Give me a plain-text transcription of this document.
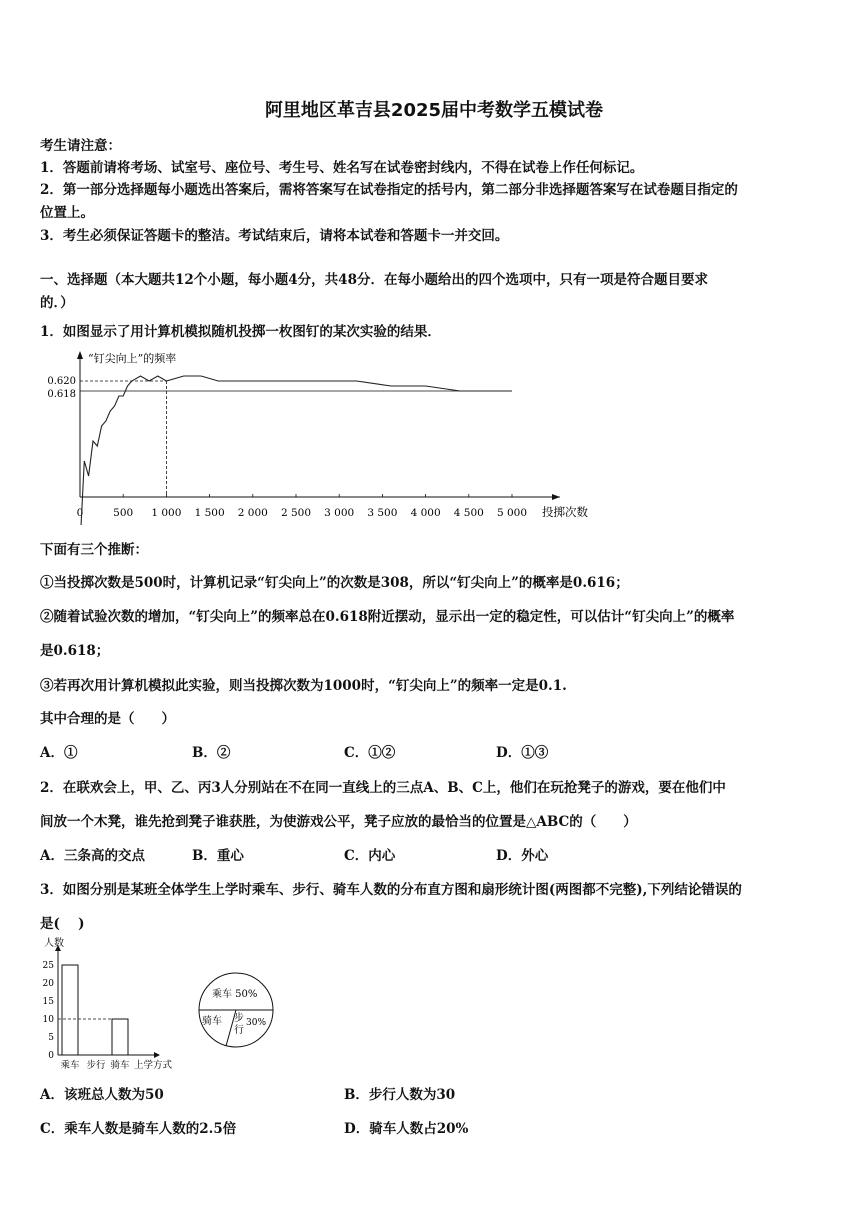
阿里地区革吉县2025届中考数学五模试卷
考生请注意：
1．答题前请将考场、试室号、座位号、考生号、姓名写在试卷密封线内，不得在试卷上作任何标记。
2．第一部分选择题每小题选出答案后，需将答案写在试卷指定的括号内，第二部分非选择题答案写在试卷题目指定的
位置上。
3．考生必须保证答题卡的整洁。考试结束后，请将本试卷和答题卡一并交回。
一、选择题（本大题共12个小题，每小题4分，共48分．在每小题给出的四个选项中，只有一项是符合题目要求
的．）
1．如图显示了用计算机模拟随机投掷一枚图钉的某次实验的结果．
“钉尖向上”的频率
投掷次数
0.620
0.618
0	500 1 000 1 500 2 000 2 500 3 000 3 500 4 000 4 500 5 000
下面有三个推断：
①当投掷次数是500时，计算机记录“钉尖向上”的次数是308，所以“钉尖向上”的概率是0.616；
②随着试验次数的增加，“钉尖向上”的频率总在0.618附近摆动，显示出一定的稳定性，可以估计“钉尖向上”的概率
是0.618；
③若再次用计算机模拟此实验，则当投掷次数为1000时，“钉尖向上”的频率一定是0.1.
其中合理的是（　　）
A．①	B．②	C．①②	D．①③
2．在联欢会上，甲、乙、丙3人分别站在不在同一直线上的三点A、B、C上，他们在玩抢凳子的游戏，要在他们中
间放一个木凳，谁先抢到凳子谁获胜，为使游戏公平，凳子应放的最恰当的位置是△ABC的（　　）
A．三条高的交点	B．重心	C．内心	D．外心
3．如图分别是某班全体学生上学时乘车、步行、骑车人数的分布直方图和扇形统计图(两图都不完整),下列结论错误的
是(　 )
人数
0
5
10
15
20
25
乘车 步行 骑车 上学方式
乘车 50%
骑车 步
行
30%
A．该班总人数为50	B．步行人数为30
C．乘车人数是骑车人数的2.5倍	D．骑车人数占20%
